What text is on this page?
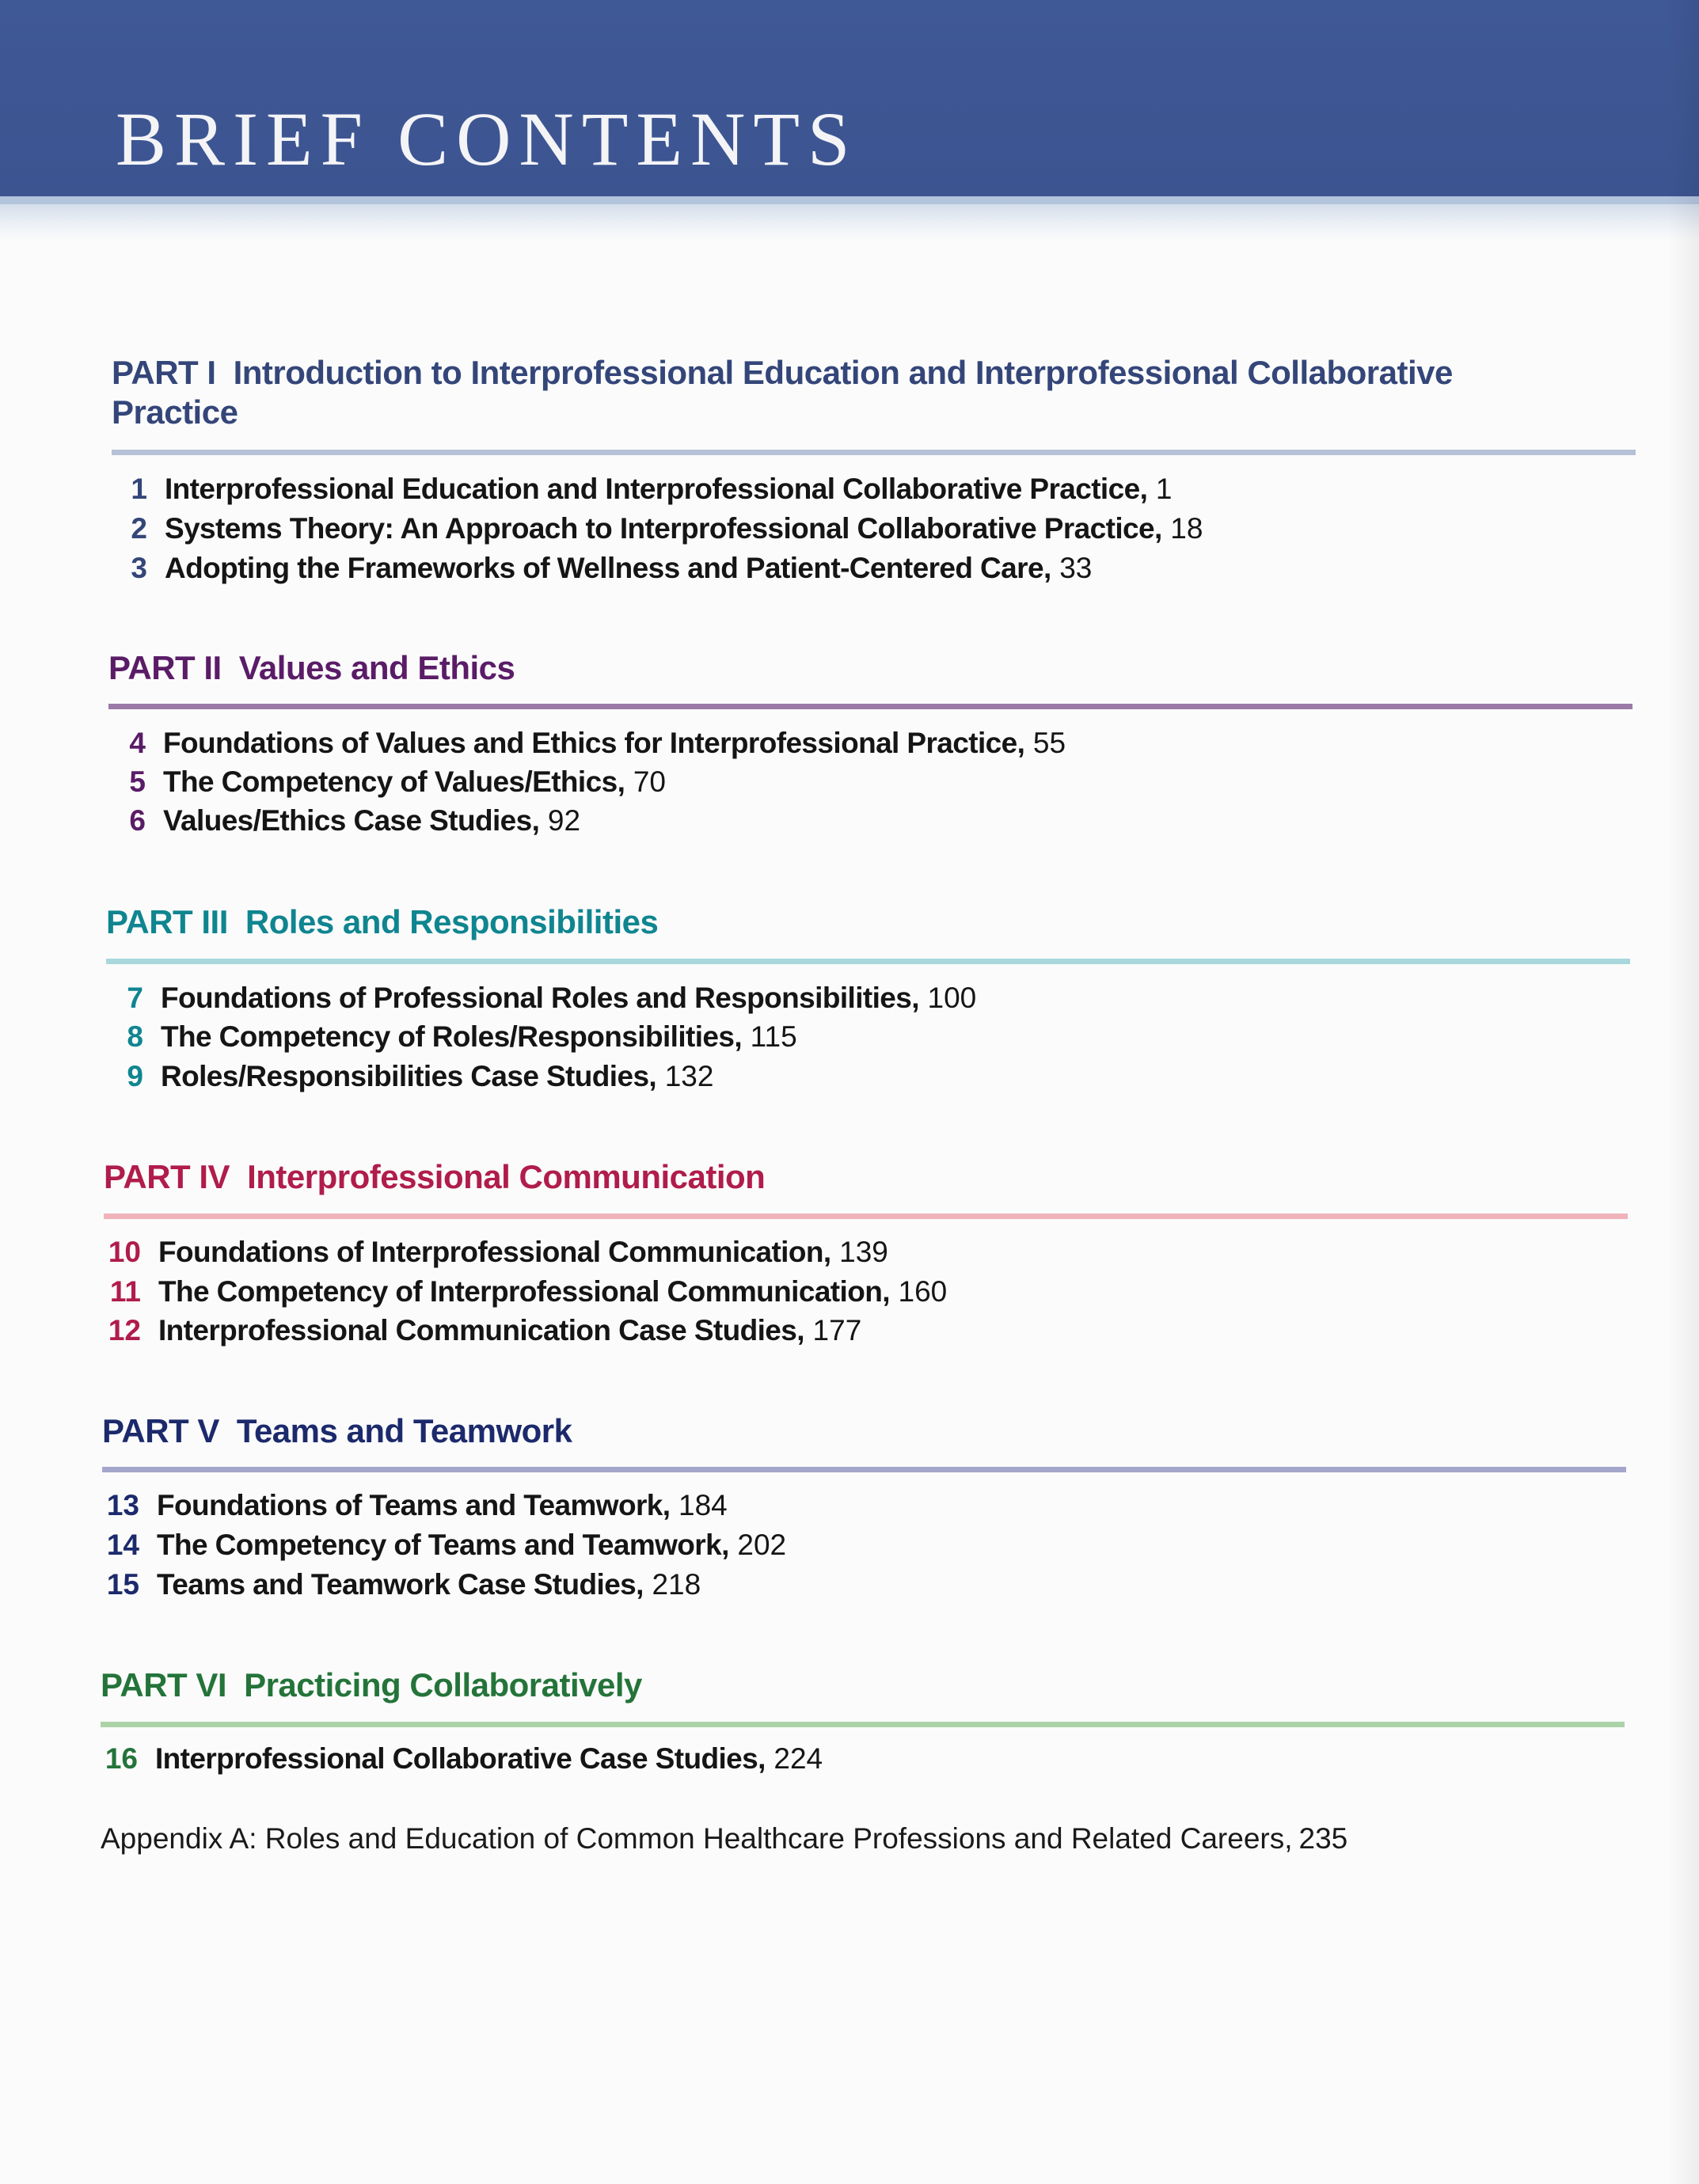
BRIEF CONTENTS
PART I Introduction to Interprofessional Education and Interprofessional Collaborative
Practice
1 Interprofessional Education and Interprofessional Collaborative Practice, 1
2 Systems Theory: An Approach to Interprofessional Collaborative Practice, 18
3 Adopting the Frameworks of Wellness and Patient-Centered Care, 33
PART II Values and Ethics
4 Foundations of Values and Ethics for Interprofessional Practice, 55
5 The Competency of Values/Ethics, 70
6 Values/Ethics Case Studies, 92
PART III Roles and Responsibilities
7 Foundations of Professional Roles and Responsibilities, 100
8 The Competency of Roles/Responsibilities, 115
9 Roles/Responsibilities Case Studies, 132
PART IV Interprofessional Communication
10 Foundations of Interprofessional Communication, 139
11 The Competency of Interprofessional Communication, 160
12 Interprofessional Communication Case Studies, 177
PART V Teams and Teamwork
13 Foundations of Teams and Teamwork, 184
14 The Competency of Teams and Teamwork, 202
15 Teams and Teamwork Case Studies, 218
PART VI Practicing Collaboratively
16 Interprofessional Collaborative Case Studies, 224
Appendix A: Roles and Education of Common Healthcare Professions and Related Careers, 235
